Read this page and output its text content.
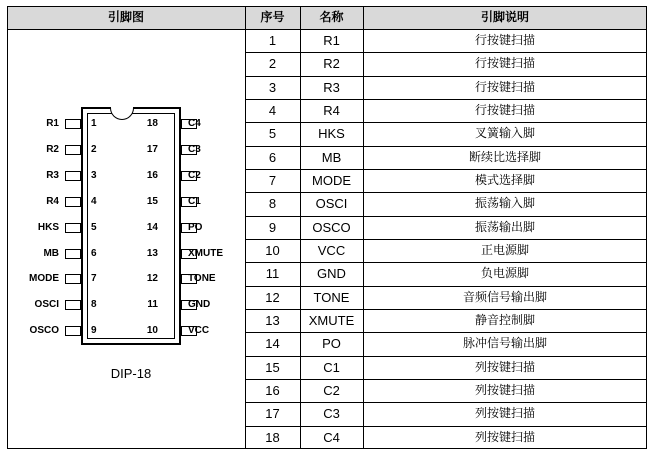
引脚图	序号	名称	引脚说明
1	R1	行按键扫描
2	R2	行按键扫描
3	R3	行按键扫描
4	R4	行按键扫描
5	HKS	叉簧输入脚
6	MB	断续比选择脚
7	MODE	模式选择脚
8	OSCI	振荡输入脚
9	OSCO	振荡输出脚
10	VCC	正电源脚
11	GND	负电源脚
12	TONE	音频信号输出脚
13	XMUTE	静音控制脚
14	PO	脉冲信号输出脚
15	C1	列按键扫描
16	C2	列按键扫描
17	C3	列按键扫描
18	C4	列按键扫描
R1	1
R2	2
R3	3
R4	4
HKS	5
MB	6
MODE	7
OSCI	8
OSCO	9
C4
18
C3
17
C2
16
C1
15
PO
14
XMUTE
13
TONE
12
GND
11
VCC
10
DIP-18
